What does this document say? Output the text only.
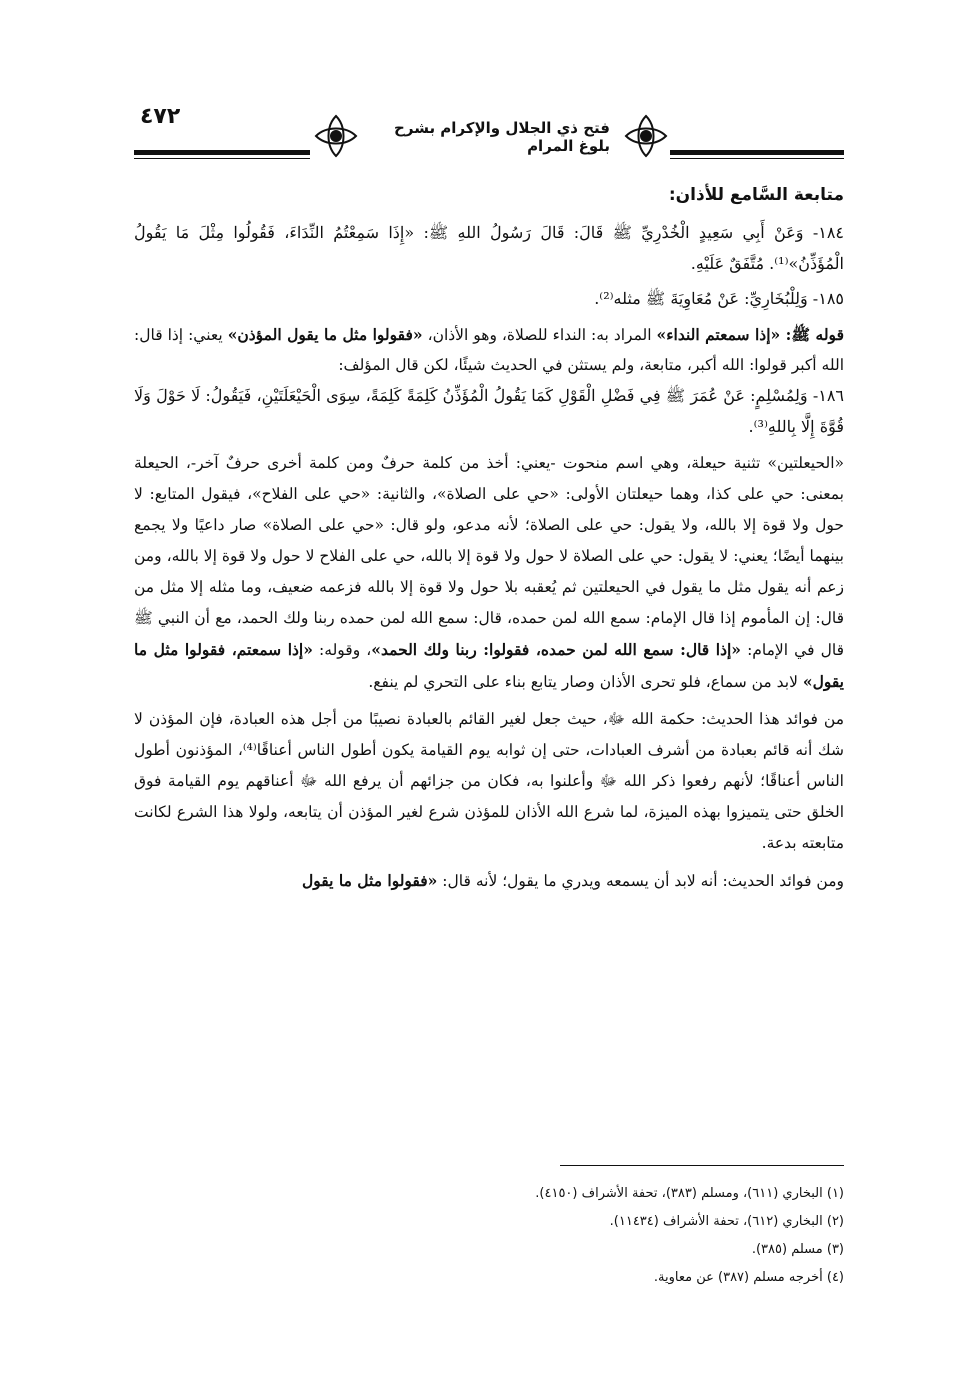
٤٧٢	فتح ذي الجلال والإكرام بشرح بلوغ المرام
متابعة السَّامع للأذان:
١٨٤- وَعَنْ أَبِي سَعِيدٍ الْخُدْرِيِّ ﷺ قَالَ: قَالَ رَسُولُ اللهِ ﷺ: «إِذَا سَمِعْتُمُ النِّدَاءَ، فَقُولُوا مِثْلَ مَا يَقُولُ الْمُؤَذِّنُ»⁽¹⁾. مُتَّفَقٌ عَلَيْهِ.
١٨٥- وَلِلْبُخَارِيِّ: عَنْ مُعَاوِيَةَ ﷺ مثله⁽²⁾.
قوله ﷺ: «إذا سمعتم النداء» المراد به: النداء للصلاة، وهو الأذان، «فقولوا مثل ما يقول المؤذن» يعني: إذا قال: الله أكبر قولوا: الله أكبر، متابعة، ولم يستثن في الحديث شيئًا، لكن قال المؤلف:
١٨٦- وَلِمُسْلِمٍ: عَنْ عُمَرَ ﷺ فِي فَضْلِ الْقَوْلِ كَمَا يَقُولُ الْمُؤَذِّنُ كَلِمَةً كَلِمَةً، سِوَى الْحَيْعَلَتَيْنِ، فَيَقُولُ: لَا حَوْلَ وَلَا قُوَّةَ إِلَّا بِاللهِ⁽³⁾.
«الحيعلتين» تثنية حيعلة، وهي اسم منحوت -يعني: أخذ من كلمة حرفٌ ومن كلمة أخرى حرفٌ آخر-، الحيعلة بمعنى: حي على كذا، وهما حيعلتان الأولى: «حي على الصلاة»، والثانية: «حي على الفلاح»، فيقول المتابع: لا حول ولا قوة إلا بالله، ولا يقول: حي على الصلاة؛ لأنه مدعو، ولو قال: «حي على الصلاة» صار داعيًا ولا يجمع بينهما أيضًا؛ يعني: لا يقول: حي على الصلاة لا حول ولا قوة إلا بالله، حي على الفلاح لا حول ولا قوة إلا بالله، ومن زعم أنه يقول مثل ما يقول في الحيعلتين ثم يُعقبه بلا حول ولا قوة إلا بالله فزعمه ضعيف، وما مثله إلا مثل من قال: إن المأموم إذا قال الإمام: سمع الله لمن حمده، قال: سمع الله لمن حمده ربنا ولك الحمد، مع أن النبي ﷺ قال في الإمام: «إذا قال: سمع الله لمن حمده، فقولوا: ربنا ولك الحمد»، وقوله: «إذا سمعتم، فقولوا مثل ما يقول» لابد من سماع، فلو تحرى الأذان وصار يتابع بناء على التحري لم ينفع.
من فوائد هذا الحديث: حكمة الله ﷻ، حيث جعل لغير القائم بالعبادة نصيبًا من أجل هذه العبادة، فإن المؤذن لا شك أنه قائم بعبادة من أشرف العبادات، حتى إن ثوابه يوم القيامة يكون أطول الناس أعناقًا⁽⁴⁾، المؤذنون أطول الناس أعناقًا؛ لأنهم رفعوا ذكر الله ﷻ وأعلنوا به، فكان من جزائهم أن يرفع الله ﷻ أعناقهم يوم القيامة فوق الخلق حتى يتميزوا بهذه الميزة، لما شرع الله الأذان للمؤذن شرع لغير المؤذن أن يتابعه، ولولا هذا الشرع لكانت متابعته بدعة.
ومن فوائد الحديث: أنه لابد أن يسمعه ويدري ما يقول؛ لأنه قال: «فقولوا مثل ما يقول
(١) البخاري (٦١١)، ومسلم (٣٨٣)، تحفة الأشراف (٤١٥٠).
(٢) البخاري (٦١٢)، تحفة الأشراف (١١٤٣٤).
(٣) مسلم (٣٨٥).
(٤) أخرجه مسلم (٣٨٧) عن معاوية.
